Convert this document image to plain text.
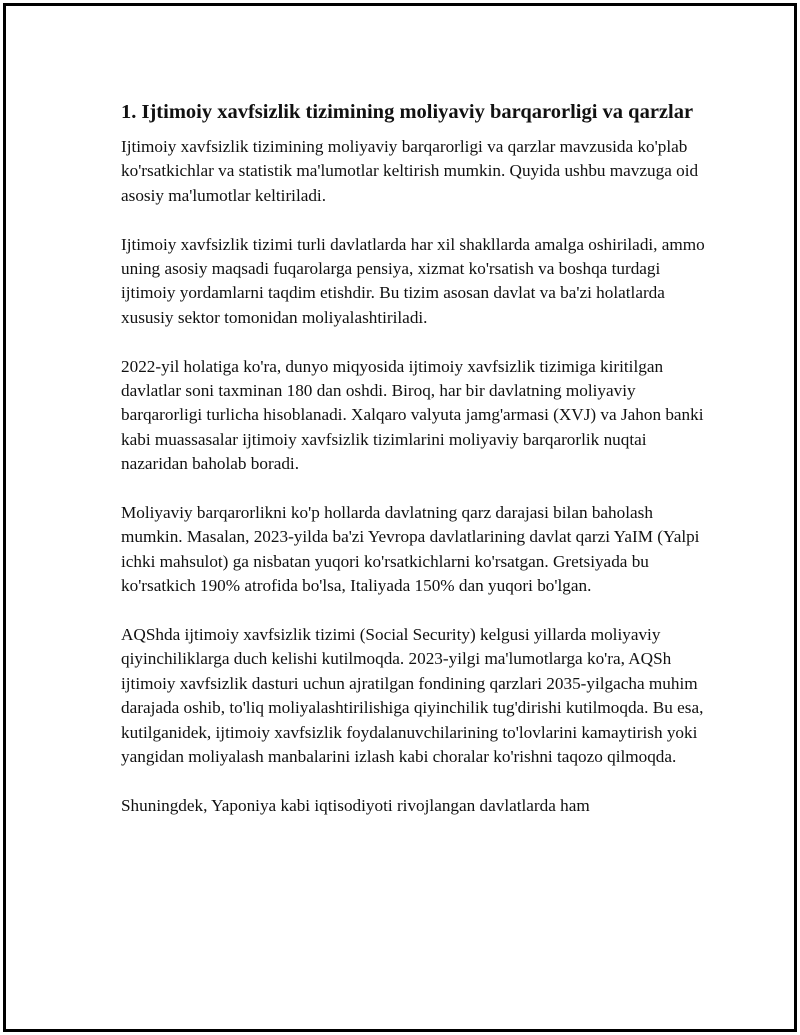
1. Ijtimoiy xavfsizlik tizimining moliyaviy barqarorligi va qarzlar

Ijtimoiy xavfsizlik tizimining moliyaviy barqarorligi va qarzlar mavzusida ko'plab ko'rsatkichlar va statistik ma'lumotlar keltirish mumkin. Quyida ushbu mavzuga oid asosiy ma'lumotlar keltiriladi.

Ijtimoiy xavfsizlik tizimi turli davlatlarda har xil shakllarda amalga oshiriladi, ammo uning asosiy maqsadi fuqarolarga pensiya, xizmat ko'rsatish va boshqa turdagi ijtimoiy yordamlarni taqdim etishdir. Bu tizim asosan davlat va ba'zi holatlarda xususiy sektor tomonidan moliyalashtiriladi.

2022-yil holatiga ko'ra, dunyo miqyosida ijtimoiy xavfsizlik tizimiga kiritilgan davlatlar soni taxminan 180 dan oshdi. Biroq, har bir davlatning moliyaviy barqarorligi turlicha hisoblanadi. Xalqaro valyuta jamg'armasi (XVJ) va Jahon banki kabi muassasalar ijtimoiy xavfsizlik tizimlarini moliyaviy barqarorlik nuqtai nazaridan baholab boradi.

Moliyaviy barqarorlikni ko'p hollarda davlatning qarz darajasi bilan baholash mumkin. Masalan, 2023-yilda ba'zi Yevropa davlatlarining davlat qarzi YaIM (Yalpi ichki mahsulot) ga nisbatan yuqori ko'rsatkichlarni ko'rsatgan. Gretsiyada bu ko'rsatkich 190% atrofida bo'lsa, Italiyada 150% dan yuqori bo'lgan.

AQShda ijtimoiy xavfsizlik tizimi (Social Security) kelgusi yillarda moliyaviy qiyinchiliklarga duch kelishi kutilmoqda. 2023-yilgi ma'lumotlarga ko'ra, AQSh ijtimoiy xavfsizlik dasturi uchun ajratilgan fondining qarzlari 2035-yilgacha muhim darajada oshib, to'liq moliyalashtirilishiga qiyinchilik tug'dirishi kutilmoqda. Bu esa, kutilganidek, ijtimoiy xavfsizlik foydalanuvchilarining to'lovlarini kamaytirish yoki yangidan moliyalash manbalarini izlash kabi choralar ko'rishni taqozo qilmoqda.

Shuningdek, Yaponiya kabi iqtisodiyoti rivojlangan davlatlarda ham
